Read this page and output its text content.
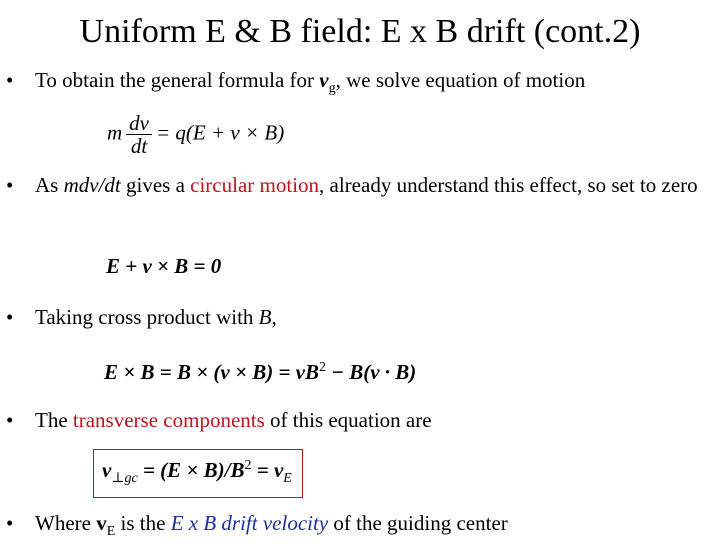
Uniform E & B field: E x B drift (cont.2)
• To obtain the general formula for $v_g$, we solve equation of motion
m $\frac{dv}{dt} = q(E + v \times B)$
• As mdv/dt gives a circular motion, already understand this effect, so set to zero
E + v × B = 0
• Taking cross product with B,
$E \times B = B \times (v \times B) = vB^2 - B(v \cdot B)$
• The transverse components of this equation are
$v_{\perp gc} = (E \times B)/B^2 = v_E$
• Where $v_E$ is the E x B drift velocity of the guiding center
